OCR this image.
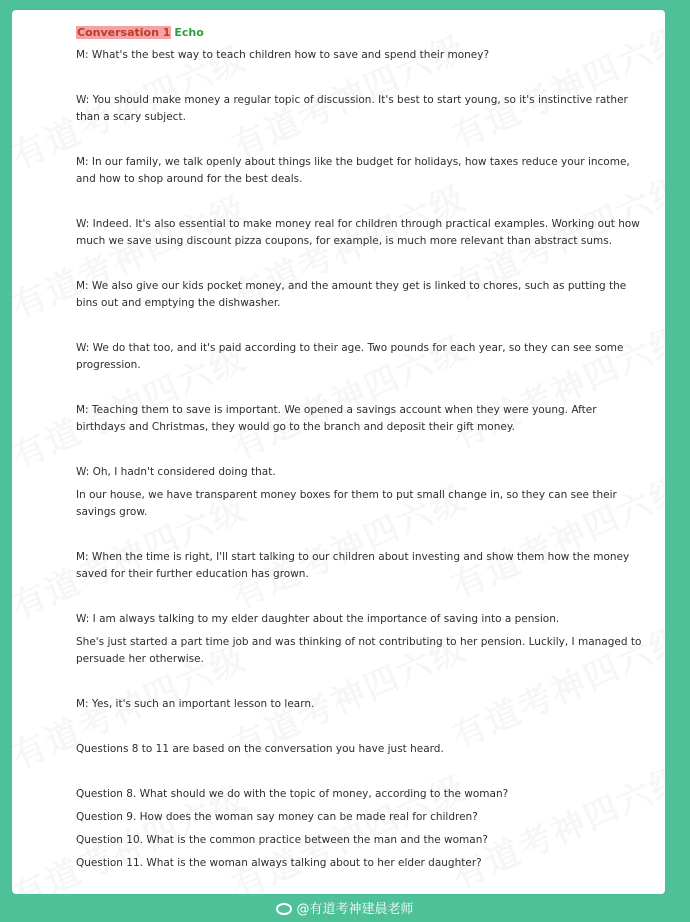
Conversation 1 Echo

M: What's the best way to teach children how to save and spend their money?

W: You should make money a regular topic of discussion. It's best to start young, so it's instinctive rather than a scary subject.

M: In our family, we talk openly about things like the budget for holidays, how taxes reduce your income, and how to shop around for the best deals.

W: Indeed. It's also essential to make money real for children through practical examples. Working out how much we save using discount pizza coupons, for example, is much more relevant than abstract sums.

M: We also give our kids pocket money, and the amount they get is linked to chores, such as putting the bins out and emptying the dishwasher.

W: We do that too, and it's paid according to their age. Two pounds for each year, so they can see some progression.

M: Teaching them to save is important. We opened a savings account when they were young. After birthdays and Christmas, they would go to the branch and deposit their gift money.

W: Oh, I hadn't considered doing that.

In our house, we have transparent money boxes for them to put small change in, so they can see their savings grow.

M: When the time is right, I'll start talking to our children about investing and show them how the money saved for their further education has grown.

W: I am always talking to my elder daughter about the importance of saving into a pension.

She's just started a part time job and was thinking of not contributing to her pension. Luckily, I managed to persuade her otherwise.

M: Yes, it's such an important lesson to learn.

Questions 8 to 11 are based on the conversation you have just heard.

Question 8. What should we do with the topic of money, according to the woman?

Question 9. How does the woman say money can be made real for children?

Question 10. What is the common practice between the man and the woman?

Question 11. What is the woman always talking about to her elder daughter?

@有道考神建晨老师
